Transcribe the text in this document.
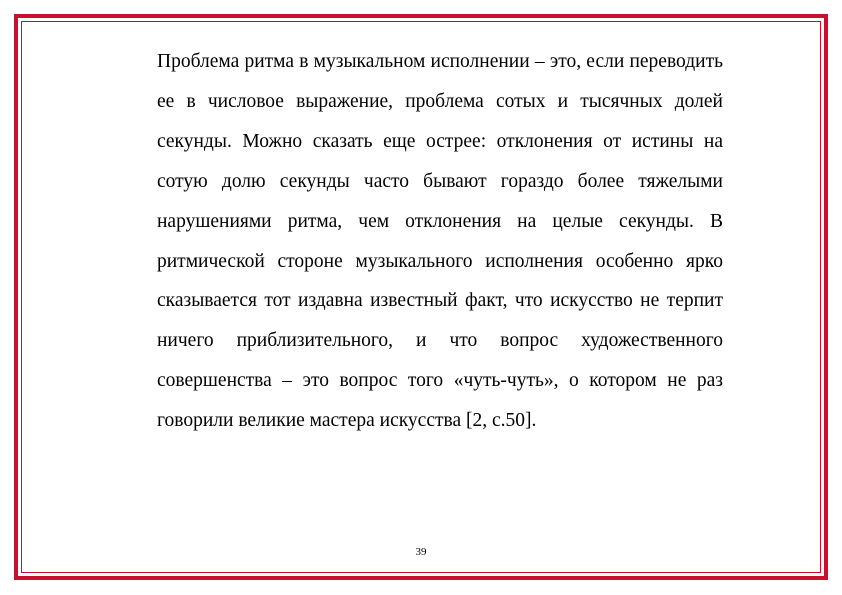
Проблема ритма в музыкальном исполнении – это, если переводить ее в числовое выражение, проблема сотых и тысячных долей секунды. Можно сказать еще острее: отклонения от истины на сотую долю секунды часто бывают гораздо более тяжелыми нарушениями ритма, чем отклонения на целые секунды. В ритмической стороне музыкального исполнения особенно ярко сказывается тот издавна известный факт, что искусство не терпит ничего приблизительного, и что вопрос художественного совершенства – это вопрос того «чуть-чуть», о котором не раз говорили великие мастера искусства [2, с.50].

39
